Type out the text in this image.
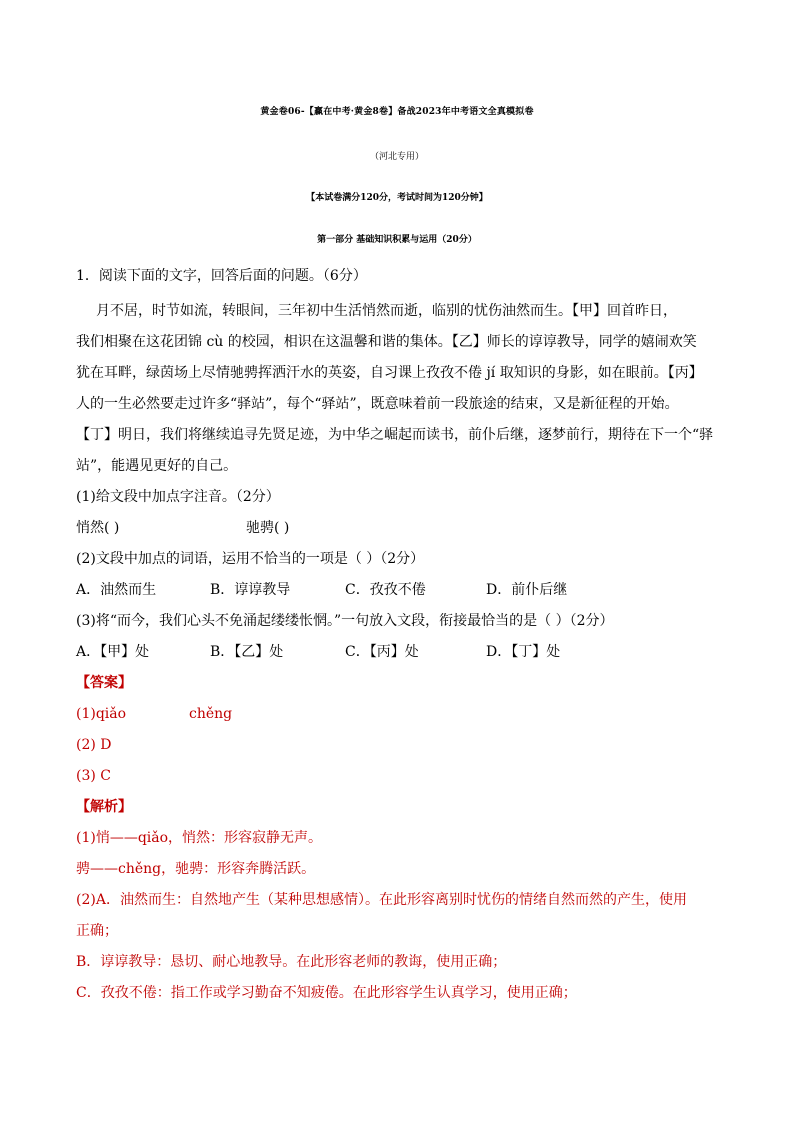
黄金卷06-【赢在中考·黄金8卷】备战2023年中考语文全真模拟卷
（河北专用）
【本试卷满分120分，考试时间为120分钟】
第一部分 基础知识积累与运用（20分）
1．阅读下面的文字，回答后面的问题。（6分）
月不居，时节如流，转眼间，三年初中生活悄然而逝，临别的忧伤油然而生。【甲】回首昨日，
我们相聚在这花团锦 cù 的校园，相识在这温馨和谐的集体。【乙】师长的谆谆教导，同学的嬉闹欢笑
犹在耳畔，绿茵场上尽情驰骋挥洒汗水的英姿，自习课上孜孜不倦 jí 取知识的身影，如在眼前。【丙】
人的一生必然要走过许多“驿站”，每个“驿站”，既意味着前一段旅途的结束，又是新征程的开始。
【丁】明日，我们将继续追寻先贤足迹，为中华之崛起而读书，前仆后继，逐梦前行，期待在下一个“驿
站”，能遇见更好的自己。
(1)给文段中加点字注音。（2分）
悄然( )	驰骋( )
(2)文段中加点的词语，运用不恰当的一项是（ ）（2分）
A．油然而生	B．谆谆教导	C．孜孜不倦	D．前仆后继
(3)将“而今，我们心头不免涌起缕缕怅惘。”一句放入文段，衔接最恰当的是（ ）（2分）
A．【甲】处	B．【乙】处	C．【丙】处	D．【丁】处
【答案】
(1)qiǎo	chěng
(2) D
(3) C
【解析】
(1)悄——qiǎo，悄然：形容寂静无声。
骋——chěng，驰骋：形容奔腾活跃。
(2)A．油然而生：自然地产生（某种思想感情）。在此形容离别时忧伤的情绪自然而然的产生，使用
正确；
B．谆谆教导：恳切、耐心地教导。在此形容老师的教诲，使用正确；
C．孜孜不倦：指工作或学习勤奋不知疲倦。在此形容学生认真学习，使用正确；
